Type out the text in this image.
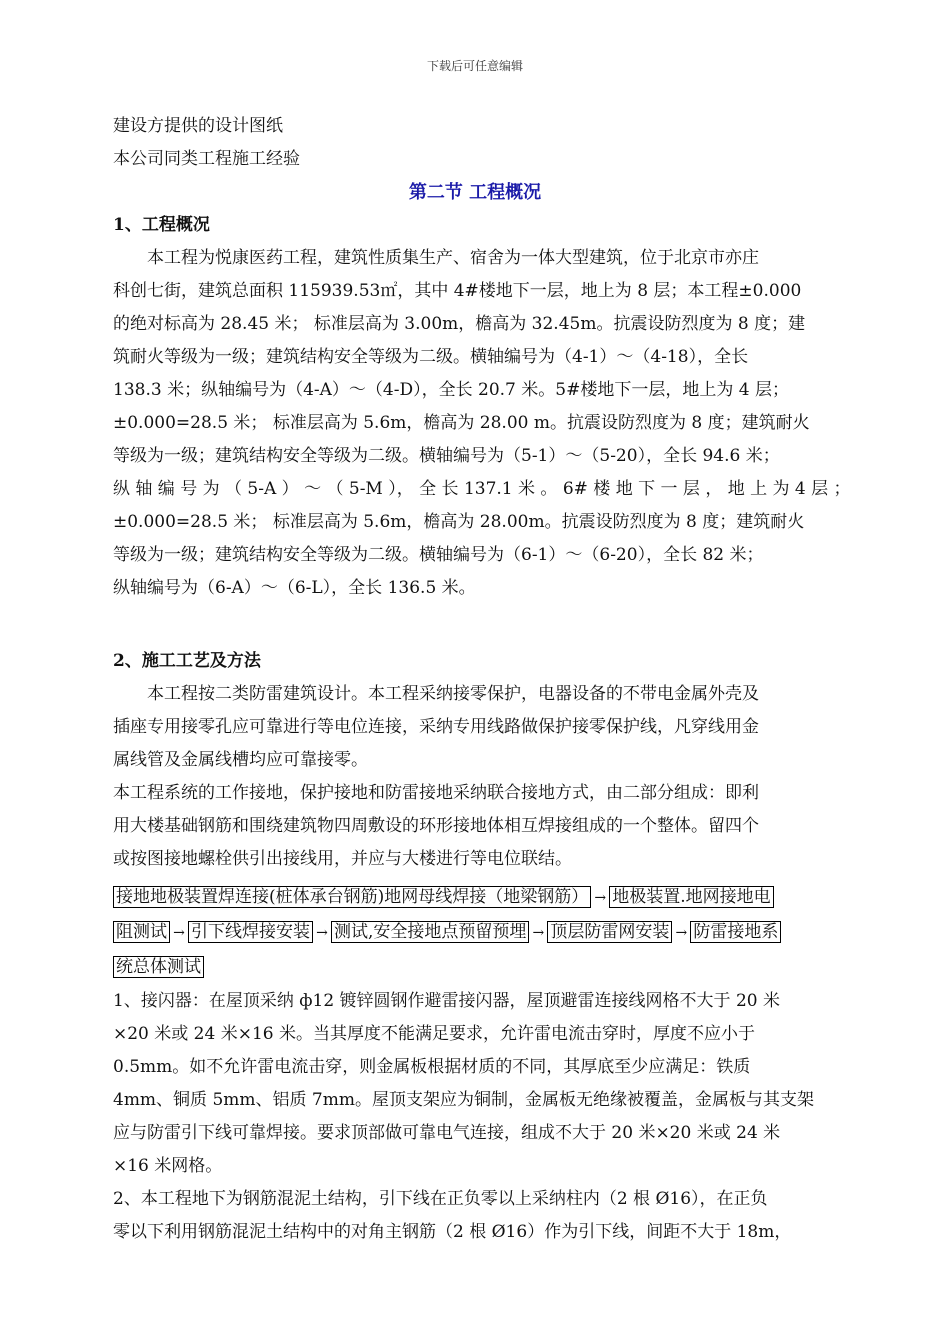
下载后可任意编辑
建设方提供的设计图纸
本公司同类工程施工经验
1、工程概况
本工程为悦康医药工程，建筑性质集生产、宿舍为一体大型建筑，位于北京市亦庄
科创七街，建筑总面积 115939.53㎡，其中 4#楼地下一层，地上为 8 层；本工程±0.000
的绝对标高为 28.45 米； 标准层高为 3.00m，檐高为 32.45m。抗震设防烈度为 8 度；建
筑耐火等级为一级；建筑结构安全等级为二级。横轴编号为（4-1）～（4-18），全长
138.3 米；纵轴编号为（4-A）～（4-D），全长 20.7 米。5#楼地下一层，地上为 4 层；
±0.000=28.5 米； 标准层高为 5.6m，檐高为 28.00 m。抗震设防烈度为 8 度；建筑耐火
等级为一级；建筑结构安全等级为二级。横轴编号为（5-1）～（5-20），全长 94.6 米；
纵 轴 编 号 为 （ 5-A ） ～ （ 5-M ）， 全 长 137.1 米 。 6# 楼 地 下 一 层 ， 地 上 为 4 层 ；
±0.000=28.5 米； 标准层高为 5.6m，檐高为 28.00m。抗震设防烈度为 8 度；建筑耐火
等级为一级；建筑结构安全等级为二级。横轴编号为（6-1）～（6-20），全长 82 米；
纵轴编号为（6-A）～（6-L），全长 136.5 米。
2、施工工艺及方法
本工程按二类防雷建筑设计。本工程采纳接零保护，电器设备的不带电金属外壳及
插座专用接零孔应可靠进行等电位连接，采纳专用线路做保护接零保护线，凡穿线用金
属线管及金属线槽均应可靠接零。
本工程系统的工作接地，保护接地和防雷接地采纳联合接地方式，由二部分组成：即利
用大楼基础钢筋和围绕建筑物四周敷设的环形接地体相互焊接组成的一个整体。留四个
或按图接地螺栓供引出接线用，并应与大楼进行等电位联结。
接地地极装置焊连接(桩体承台钢筋)地网母线焊接（地梁钢筋） → 地极装置.地网接地电
阻测试 → 引下线焊接安装 → 测试,安全接地点预留预埋 → 顶层防雷网安装 → 防雷接地系
统总体测试
1、接闪器：在屋顶采纳 ф12 镀锌圆钢作避雷接闪器，屋顶避雷连接线网格不大于 20 米
×20 米或 24 米×16 米。当其厚度不能满足要求，允许雷电流击穿时，厚度不应小于
0.5mm。如不允许雷电流击穿，则金属板根据材质的不同，其厚底至少应满足：铁质
4mm、铜质 5mm、铝质 7mm。屋顶支架应为铜制，金属板无绝缘被覆盖，金属板与其支架
应与防雷引下线可靠焊接。要求顶部做可靠电气连接，组成不大于 20 米×20 米或 24 米
×16 米网格。
2、本工程地下为钢筋混泥土结构，引下线在正负零以上采纳柱内（2 根 Ø16），在正负
零以下利用钢筋混泥土结构中的对角主钢筋（2 根 Ø16）作为引下线，间距不大于 18m，
第二节 工程概况
